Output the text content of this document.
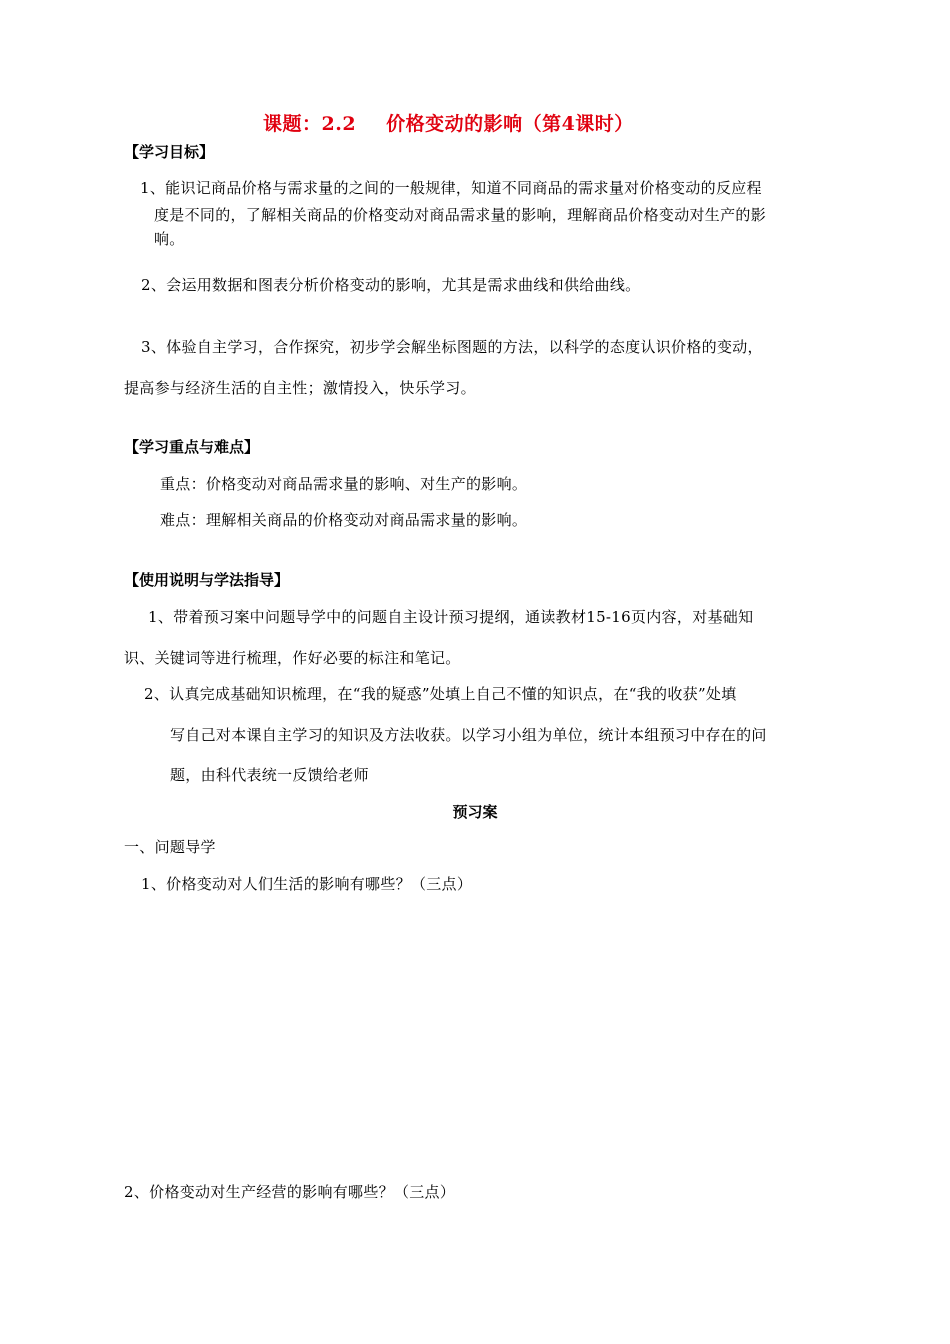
课题：2.2 价格变动的影响（第4课时）
【学习目标】
1、能识记商品价格与需求量的之间的一般规律，知道不同商品的需求量对价格变动的反应程
度是不同的，了解相关商品的价格变动对商品需求量的影响，理解商品价格变动对生产的影
响。
2、会运用数据和图表分析价格变动的影响，尤其是需求曲线和供给曲线。
3、体验自主学习，合作探究，初步学会解坐标图题的方法，以科学的态度认识价格的变动，
提高参与经济生活的自主性；激情投入，快乐学习。
【学习重点与难点】
重点：价格变动对商品需求量的影响、对生产的影响。
难点：理解相关商品的价格变动对商品需求量的影响。
【使用说明与学法指导】
1、带着预习案中问题导学中的问题自主设计预习提纲，通读教材15-16页内容，对基础知
识、关键词等进行梳理，作好必要的标注和笔记。
2、认真完成基础知识梳理，在“我的疑惑”处填上自己不懂的知识点，在“我的收获”处填
写自己对本课自主学习的知识及方法收获。以学习小组为单位，统计本组预习中存在的问
题，由科代表统一反馈给老师
预习案
一、问题导学
1、价格变动对人们生活的影响有哪些？（三点）
2、价格变动对生产经营的影响有哪些？（三点）
